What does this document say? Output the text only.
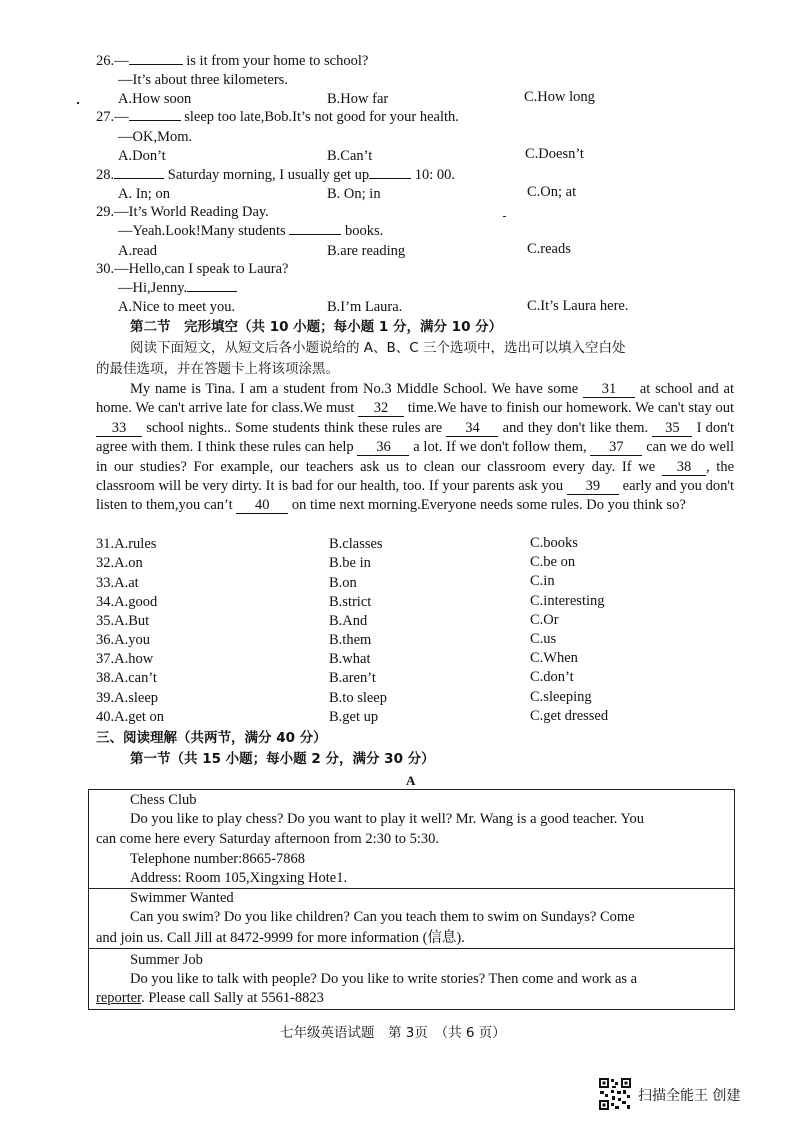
26.—	is it from your home to school?
—It’s about three kilometers.
A.How soon	B.How far	C.How long
27.—	sleep too late,Bob.It’s not good for your health.
—OK,Mom.
A.Don’t	B.Can’t	C.Doesn’t
28.	Saturday morning, I usually get up	10: 00.
A. In; on	B. On; in	C.On; at
29.—It’s World Reading Day.
—Yeah.Look!Many students	books.
A.read	B.are reading	C.reads
30.—Hello,can I speak to Laura?
—Hi,Jenny.
A.Nice to meet you.	B.I’m Laura.	C.It’s Laura here.
第二节　完形填空（共 10 小题；每小题 1 分，满分 10 分）
阅读下面短文，从短文后各小题说给的 A、B、C 三个选项中，选出可以填入空白处
的最佳选项，并在答题卡上将该项涂黑。
My name is Tina. I am a student from No.3 Middle School. We have some 31 at school and at home. We can't arrive late for class.We must 32 time.We have to finish our homework. We can't stay out 33 school nights.. Some students think these rules are 34 and they don't like them. 35 I don't agree with them. I think these rules can help 36 a lot. If we don't follow them, 37 can we do well in our studies? For example, our teachers ask us to clean our classroom every day. If we 38 , the classroom will be very dirty. It is bad for our health, too. If your parents ask you 39 early and you don't listen to them,you can’t 40 on time next morning.Everyone needs some rules. Do you think so?
31.A.rules	B.classes	C.books
32.A.on	B.be in	C.be on
33.A.at	B.on	C.in
34.A.good	B.strict	C.interesting
35.A.But	B.And	C.Or
36.A.you	B.them	C.us
37.A.how	B.what	C.When
38.A.can’t	B.aren’t	C.don’t
39.A.sleep	B.to sleep	C.sleeping
40.A.get on	B.get up	C.get dressed
三、阅读理解（共两节，满分 40 分）
第一节（共 15 小题；每小题 2 分，满分 30 分）
A
Chess Club
Do you like to play chess? Do you want to play it well? Mr. Wang is a good teacher. You
can come here every Saturday afternoon from 2:30 to 5:30.
Telephone number:8665-7868
Address: Room 105,Xingxing Hote1.
Swimmer Wanted
Can you swim? Do you like children? Can you teach them to swim on Sundays? Come
and join us. Call Jill at 8472-9999 for more information (信息).
Summer Job
Do you like to talk with people? Do you like to write stories? Then come and work as a
reporter. Please call Sally at 5561-8823
七年级英语试题　第 3页　（共 6 页）
扫描全能王 创建
